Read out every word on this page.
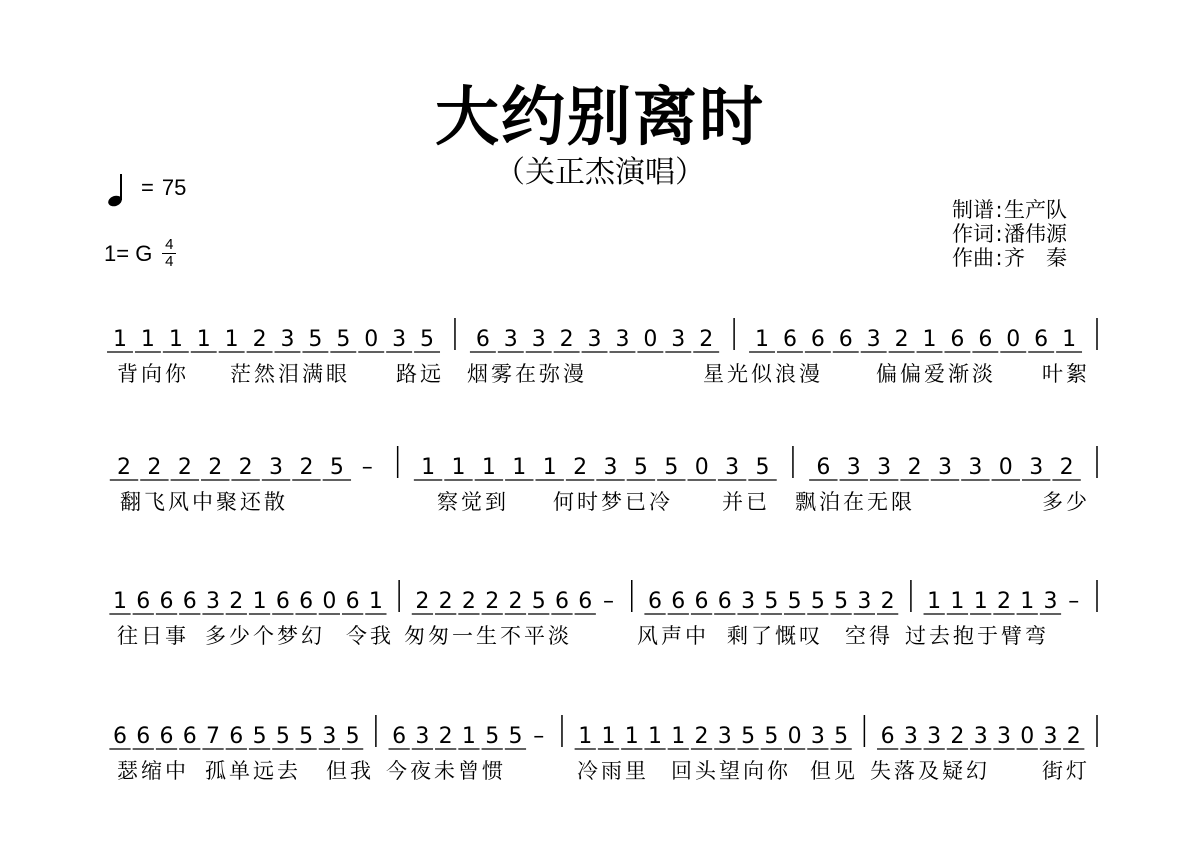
大约别离时
（关正杰演唱）
= 75
1= G $\frac{4}{4}$
制谱:生产队
作词:潘伟源
作曲:齐　秦
1 1 1 1 1 2 3 5 5 0 3 5 6 3 3 2 3 3 0 3 2 1 6 6 6 3 2 1 6 6 0 6 1
背向你 茫然泪满眼 路远 烟雾在弥漫	星光似浪漫	偏偏爱渐淡 叶絮
2 2 2 2 2 3 2 5 – 1 1 1 1 1 2 3 5 5 0 3 5 6 3 3 2 3 3 0 3 2
翻飞风中聚还散	察觉到 何时梦已冷 并已 飘泊在无限	多少
1 6 6 6 3 2 1 6 6 0 6 1 2 2 2 2 2 5 6 6 – 6 6 6 6 3 5 5 5 5 3 2 1 1 1 2 1 3 –
往日事 多少个梦幻 令我 匆匆一生不平淡	风声中 剩了慨叹 空得 过去抱于臂弯
6 6 6 6 7 6 5 5 5 3 5 6 3 2 1 5 5 – 1 1 1 1 1 2 3 5 5 0 3 5 6 3 3 2 3 3 0 3 2
瑟缩中 孤单远去 但我 今夜未曾惯	冷雨里 回头望向你 但见 失落及疑幻 街灯
